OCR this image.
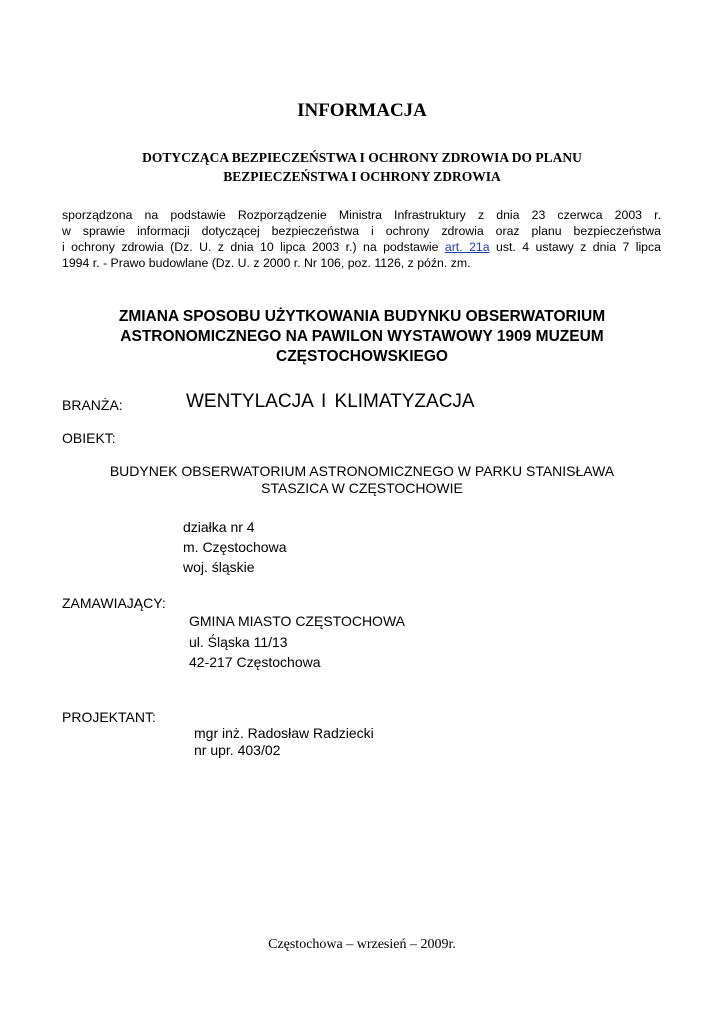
INFORMACJA
DOTYCZĄCA BEZPIECZEŃSTWA I OCHRONY ZDROWIA DO PLANU
BEZPIECZEŃSTWA I OCHRONY ZDROWIA
sporządzona na podstawie Rozporządzenie Ministra Infrastruktury z dnia 23 czerwca 2003 r.
w sprawie informacji dotyczącej bezpieczeństwa i ochrony zdrowia oraz planu bezpieczeństwa
i ochrony zdrowia (Dz. U. z dnia 10 lipca 2003 r.) na podstawie art. 21a ust. 4 ustawy z dnia 7 lipca
1994 r. - Prawo budowlane (Dz. U. z 2000 r. Nr 106, poz. 1126, z późn. zm.
ZMIANA SPOSOBU UŻYTKOWANIA BUDYNKU OBSERWATORIUM
ASTRONOMICZNEGO NA PAWILON WYSTAWOWY 1909 MUZEUM
CZĘSTOCHOWSKIEGO
BRANŻA:	WENTYLACJA I KLIMATYZACJA
OBIEKT:
BUDYNEK OBSERWATORIUM ASTRONOMICZNEGO W PARKU STANISŁAWA
STASZICA W CZĘSTOCHOWIE
działka nr 4
m. Częstochowa
woj. śląskie
ZAMAWIAJĄCY:
GMINA MIASTO CZĘSTOCHOWA
ul. Śląska 11/13
42-217 Częstochowa
PROJEKTANT:
mgr inż. Radosław Radziecki
nr upr. 403/02
Częstochowa – wrzesień – 2009r.
